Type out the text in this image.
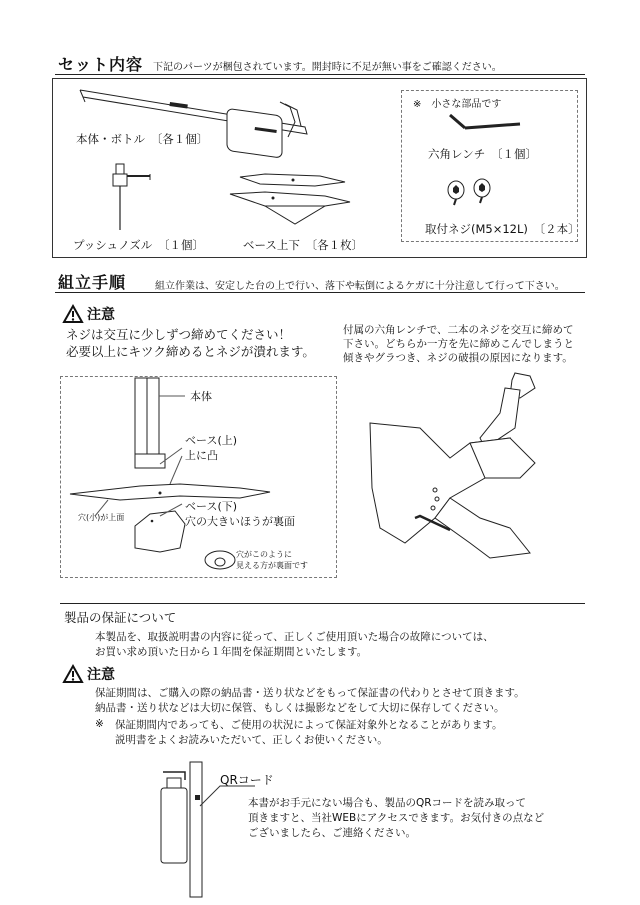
セット内容 下記のパーツが梱包されています。開封時に不足が無い事をご確認ください。
本体・ボトル　〔各１個〕
プッシュノズル　〔１個〕	ベース上下　〔各１枚〕
※　小さな部品です
六角レンチ　〔１個〕
取付ネジ(M5×12L)　〔２本〕
組立手順	組立作業は、安定した台の上で行い、落下や転倒によるケガに十分注意して行って下さい。
注意
ネジは交互に少しずつ締めてください！
必要以上にキツク締めるとネジが潰れます。
付属の六角レンチで、二本のネジを交互に締めて
下さい。どちらか一方を先に締めこんでしまうと
傾きやグラつき、ネジの破損の原因になります。
本体
ベース(上)
上に凸
ベース(下)
穴の大きいほうが裏面
穴(小)が上面
穴がこのように
見える方が裏面です
製品の保証について
本製品を、取扱説明書の内容に従って、正しくご使用頂いた場合の故障については、
お買い求め頂いた日から１年間を保証期間といたします。
注意
保証期間は、ご購入の際の納品書・送り状などをもって保証書の代わりとさせて頂きます。
納品書・送り状などは大切に保管、もしくは撮影などをして大切に保存してください。
※ 保証期間内であっても、ご使用の状況によって保証対象外となることがあります。
説明書をよくお読みいただいて、正しくお使いください。
QRコード
本書がお手元にない場合も、製品のQRコードを読み取って
頂きますと、当社WEBにアクセスできます。お気付きの点など
ございましたら、ご連絡ください。
